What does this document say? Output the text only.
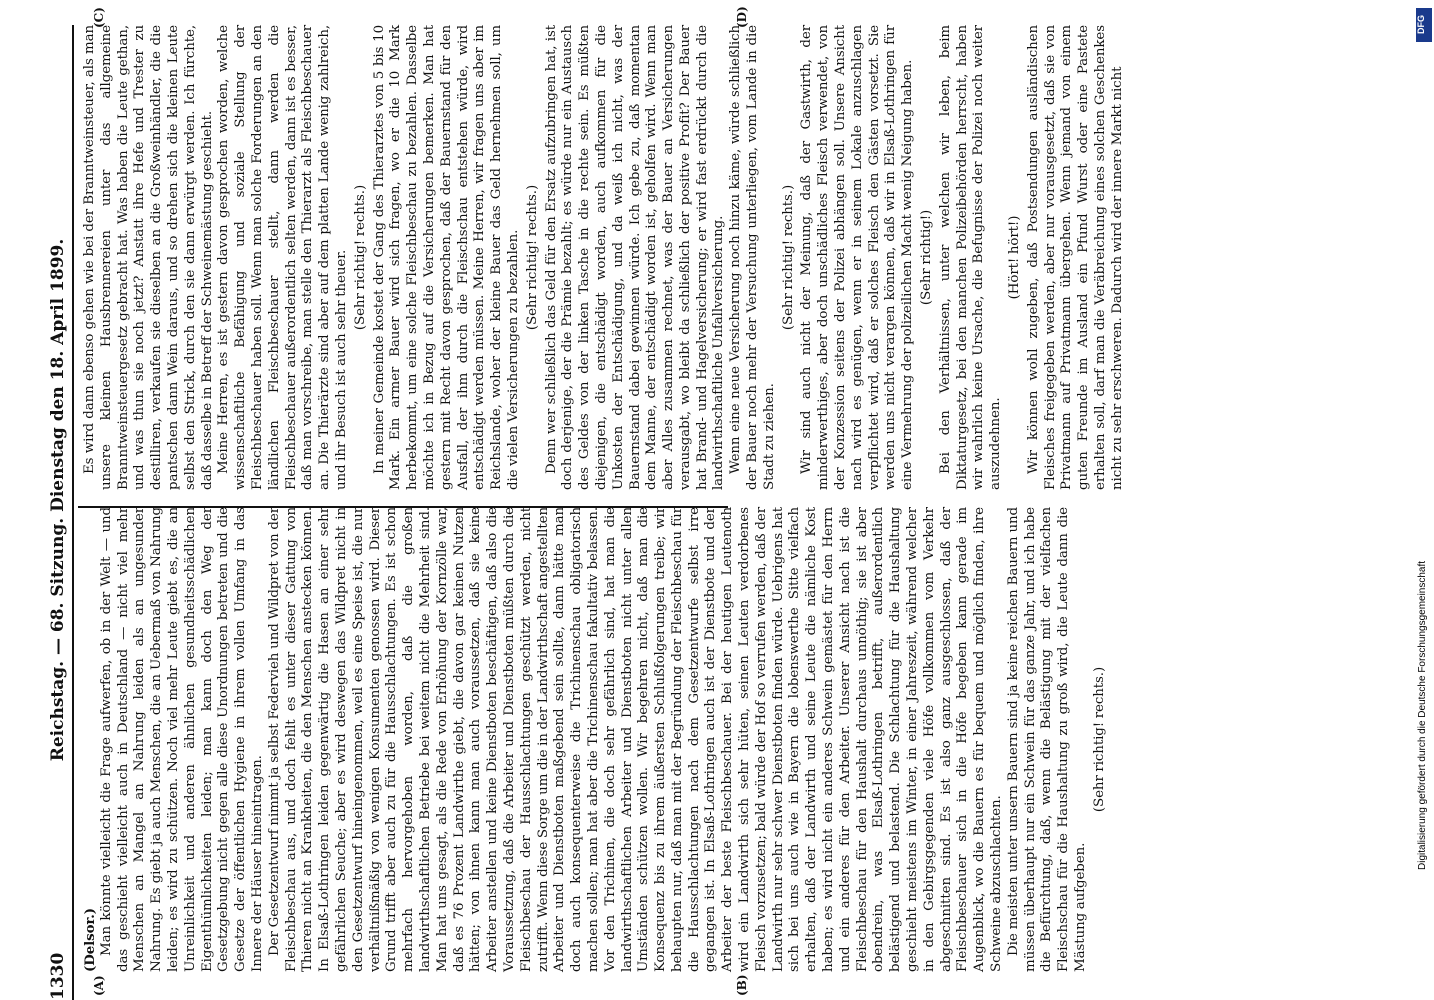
1330
Reichstag. — 68. Sitzung. Dienstag den 18. April 1899.
(A)	(B)
(C)	(D)

(Delsor.) Man könnte vielleicht die Frage aufwerfen, ob in der Welt — und das geschieht vielleicht auch in Deutschland — nicht viel mehr Menschen an Mangel an Nahrung leiden als an ungesunder Nahrung. Es giebt ja auch Menschen, die an Uebermaß von Nahrung leiden; es wird zu schützen. Noch viel mehr Leute giebt es, die an Unreinlichkeit und anderen ähnlichen gesundheitsschädlichen Eigenthümlichkeiten leiden; man kann doch den Weg der Gesetzgebung nicht gegen alle diese Unordnungen betreten und die Gesetze der öffentlichen Hygiene in ihrem vollen Umfang in das Innere der Häuser hineintragen. Der Gesetzentwurf nimmt ja selbst Federvieh und Wildpret von der Fleischbeschau aus, und doch fehlt es unter dieser Gattung von Thieren nicht an Krankheiten, die den Menschen anstecken können. In Elsaß-Lothringen leiden gegenwärtig die Hasen an einer sehr gefährlichen Seuche; aber es wird deswegen das Wildpret nicht in den Gesetzentwurf hineingenommen, weil es eine Speise ist, die nur verhältnißmäßig von wenigen Konsumenten genossen wird. Dieser Grund trifft aber auch zu für die Hausschlachtungen. Es ist schon mehrfach hervorgehoben worden, daß die großen landwirthschaftlichen Betriebe bei weitem nicht die Mehrheit sind. Man hat uns gesagt, als die Rede von Erhöhung der Kornzölle war, daß es 76 Prozent Landwirthe giebt, die davon gar keinen Nutzen hätten; von ihnen kann man auch voraussetzen, daß sie keine Arbeiter anstellen und keine Dienstboten beschäftigen, daß also die Voraussetzung, daß die Arbeiter und Dienstboten müßten durch die Fleischbeschau der Hausschlachtungen geschützt werden, nicht zutrifft. Wenn diese Sorge um die in der Landwirthschaft angestellten Arbeiter und Dienstboten maßgebend sein sollte, dann hätte man doch auch konsequenterweise die Trichinenschau obligatorisch machen sollen; man hat aber die Trichinenschau fakultativ belassen. Vor den Trichinen, die doch sehr gefährlich sind, hat man die landwirthschaftlichen Arbeiter und Dienstboten nicht unter allen Umständen schützen wollen. Wir begehren nicht, daß man die Konsequenz bis zu ihrem äußersten Schlußfolgerungen treibe; wir behaupten nur, daß man mit der Begründung der Fleischbeschau für die Hausschlachtungen nach dem Gesetzentwurfe selbst irre gegangen ist. In Elsaß-Lothringen auch ist der Dienstbote und der Arbeiter der beste Fleischbeschauer. Bei der heutigen Leutenoth wird ein Landwirth sich sehr hüten, seinen Leuten verdorbenes Fleisch vorzusetzen; bald würde der Hof so verrufen werden, daß der Landwirth nur sehr schwer Dienstboten finden würde. Uebrigens hat sich bei uns auch wie in Bayern die lobenswerthe Sitte vielfach erhalten, daß der Landwirth und seine Leute die nämliche Kost haben; es wird nicht ein anderes Schwein gemästet für den Herrn und ein anderes für den Arbeiter. Unserer Ansicht nach ist die Fleischbeschau für den Haushalt durchaus unnöthig; sie ist aber obendrein, was Elsaß-Lothringen betrifft, außerordentlich belästigend und belastend. Die Schlachtung für die Haushaltung geschieht meistens im Winter, in einer Jahreszeit, während welcher in den Gebirgsgegenden viele Höfe vollkommen vom Verkehr abgeschnitten sind. Es ist also ganz ausgeschlossen, daß der Fleischbeschauer sich in die Höfe begeben kann gerade im Augenblick, wo die Bauern es für bequem und möglich finden, ihre Schweine abzuschlachten. Die meisten unter unsern Bauern sind ja keine reichen Bauern und müssen überhaupt nur ein Schwein für das ganze Jahr, und ich habe die Befürchtung, daß, wenn die Belästigung mit der vielfachen Fleischschau für die Haushaltung zu groß wird, die Leute dann die Mästung aufgeben.

(Sehr richtig! rechts.)

Es wird dann ebenso gehen wie bei der Branntweinsteuer, als man unsere kleinen Hausbrennereien unter das allgemeine Branntweinsteuergesetz gebracht hat. Was haben die Leute gethan, und was thun sie noch jetzt? Anstatt ihre Hefe und Trester zu destilliren, verkaufen sie dieselben an die Großweinhändler, die die pantschen dann Wein daraus, und so drehen sich die kleinen Leute selbst den Strick, durch den sie dann erwürgt werden. Ich fürchte, daß dasselbe in Betreff der Schweinemästung geschieht. Meine Herren, es ist gestern davon gesprochen worden, welche wissenschaftliche Befähigung und soziale Stellung der Fleischbeschauer haben soll. Wenn man solche Forderungen an den ländlichen Fleischbeschauer stellt, dann werden die Fleischbeschauer außerordentlich selten werden, dann ist es besser, daß man vorschreibe, man stelle den Thierarzt als Fleischbeschauer an. Die Thierärzte sind aber auf dem platten Lande wenig zahlreich, und ihr Besuch ist auch sehr theuer. (Sehr richtig! rechts.) In meiner Gemeinde kostet der Gang des Thierarztes von 5 bis 10 Mark. Ein armer Bauer wird sich fragen, wo er die 10 Mark herbekommt, um eine solche Fleischbeschau zu bezahlen. Dasselbe möchte ich in Bezug auf die Versicherungen bemerken. Man hat gestern mit Recht davon gesprochen, daß der Bauernstand für den Ausfall, der ihm durch die Fleischschau entstehen würde, wird entschädigt werden müssen. Meine Herren, wir fragen uns aber im Reichslande, woher der kleine Bauer das Geld hernehmen soll, um die vielen Versicherungen zu bezahlen. (Sehr richtig! rechts.) Denn wer schließlich das Geld für den Ersatz aufzubringen hat, ist doch derjenige, der die Prämie bezahlt; es würde nur ein Austausch des Geldes von der linken Tasche in die rechte sein. Es müßten diejenigen, die entschädigt worden, auch aufkommen für die Unkosten der Entschädigung, und da weiß ich nicht, was der Bauernstand dabei gewinnen würde. Ich gebe zu, daß momentan dem Manne, der entschädigt worden ist, geholfen wird. Wenn man aber Alles zusammen rechnet, was der Bauer an Versicherungen verausgabt, wo bleibt da schließlich der positive Profit? Der Bauer hat Brand- und Hagelversicherung; er wird fast erdrückt durch die landwirthschaftliche Unfallversicherung. Wenn eine neue Versicherung noch hinzu käme, würde schließlich der Bauer noch mehr der Versuchung unterliegen, vom Lande in die Stadt zu ziehen.

(Sehr richtig! rechts.) Wir sind auch nicht der Meinung, daß der Gastwirth, der minderwerthiges, aber doch unschädliches Fleisch verwendet, von der Konzession seitens der Polizei abhängen soll. Unsere Ansicht nach wird es genügen, wenn er in seinem Lokale anzuschlagen verpflichtet wird, daß er solches Fleisch den Gästen vorsetzt. Sie werden uns nicht verargen können, daß wir in Elsaß-Lothringen für eine Vermehrung der polizeilichen Macht wenig Neigung haben. (Sehr richtig!) Bei den Verhältnissen, unter welchen wir leben, beim Diktaturgesetz, bei den manchen Polizeibehörden herrscht, haben wir wahrlich keine Ursache, die Befugnisse der Polizei noch weiter auszudehnen.

(Hört! hört!) Wir können wohl zugeben, daß Postsendungen ausländischen Fleisches freigegeben werden, aber nur vorausgesetzt, daß sie von Privatmann auf Privatmann übergehen. Wenn jemand von einem guten Freunde im Ausland ein Pfund Wurst oder eine Pastete erhalten soll, darf man die Veräbreichung eines solchen Geschenkes nicht zu sehr erschweren. Dadurch wird der innere Markt nicht

DFG
Digitalisierung gefördert durch die Deutsche Forschungsgemeinschaft
